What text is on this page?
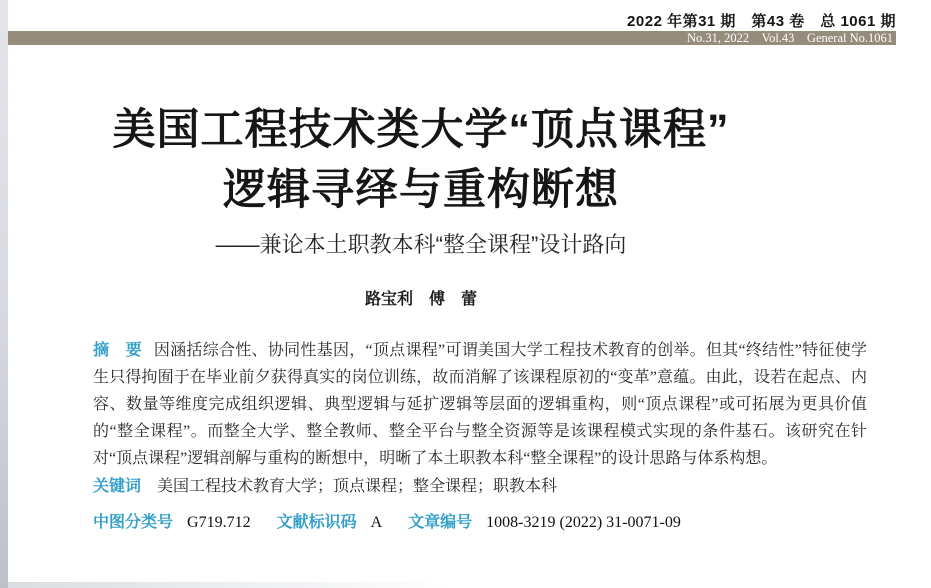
2022 年第31 期　第43 卷　总 1061 期
No.31, 2022　Vol.43　General No.1061
美国工程技术类大学“顶点课程”
逻辑寻绎与重构断想
——兼论本土职教本科“整全课程”设计路向
路宝利　傅　蕾
摘　要 因涵括综合性、协同性基因，“顶点课程”可谓美国大学工程技术教育的创举。但其“终结性”特征使学生只得拘囿于在毕业前夕获得真实的岗位训练，故而消解了该课程原初的“变革”意蕴。由此，设若在起点、内容、数量等维度完成组织逻辑、典型逻辑与延扩逻辑等层面的逻辑重构，则“顶点课程”或可拓展为更具价值的“整全课程”。而整全大学、整全教师、整全平台与整全资源等是该课程模式实现的条件基石。该研究在针对“顶点课程”逻辑剖解与重构的断想中，明晰了本土职教本科“整全课程”的设计思路与体系构想。
关键词 美国工程技术教育大学；顶点课程；整全课程；职教本科
中图分类号 G719.712 文献标识码 A 文章编号 1008-3219 (2022) 31-0071-09
